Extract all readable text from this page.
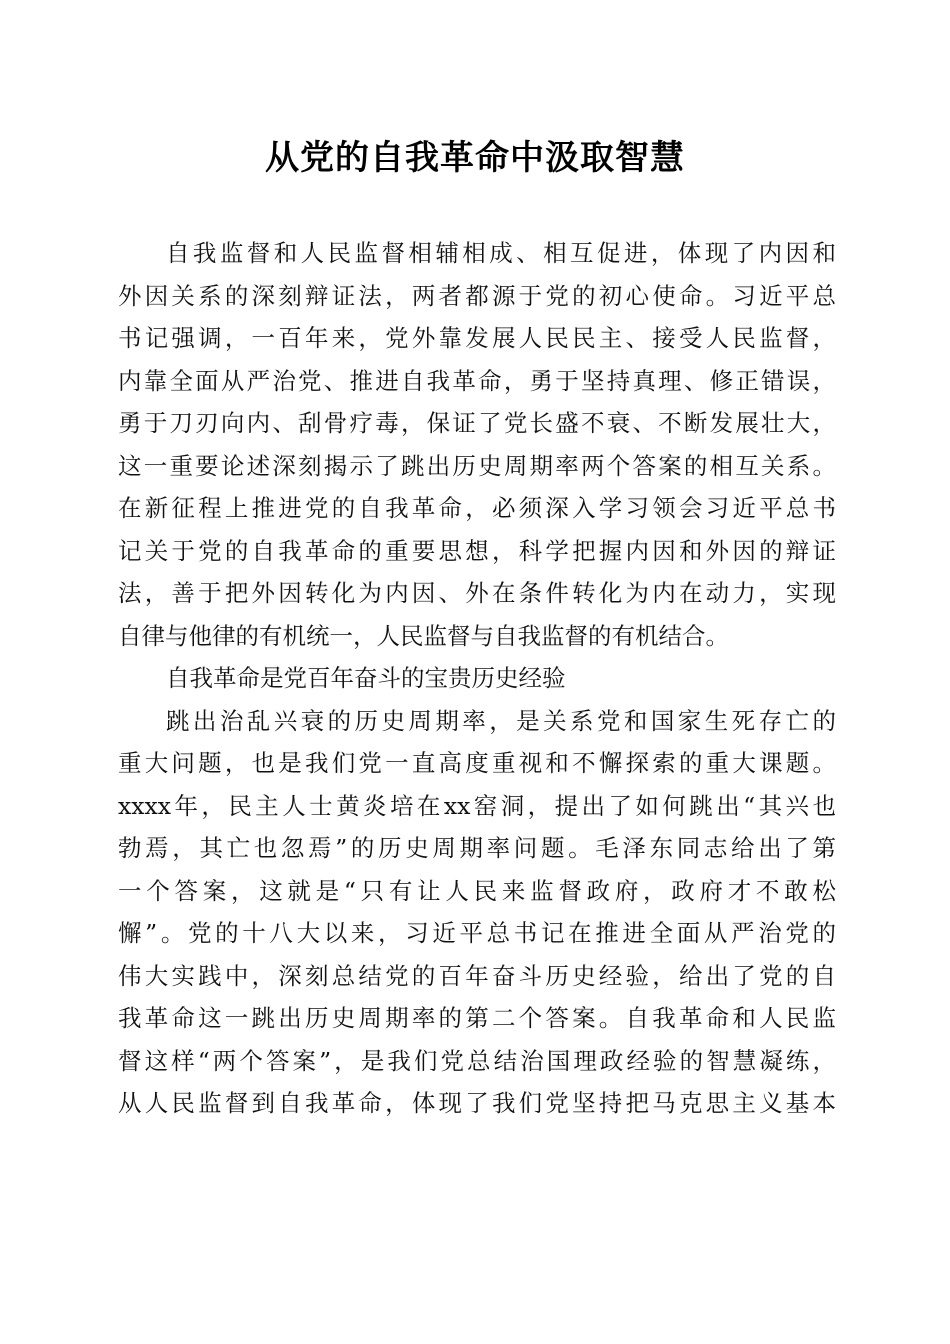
从党的自我革命中汲取智慧
自我监督和人民监督相辅相成、相互促进，体现了内因和
外因关系的深刻辩证法，两者都源于党的初心使命。习近平总
书记强调，一百年来，党外靠发展人民民主、接受人民监督，
内靠全面从严治党、推进自我革命，勇于坚持真理、修正错误，
勇于刀刃向内、刮骨疗毒，保证了党长盛不衰、不断发展壮大，
这一重要论述深刻揭示了跳出历史周期率两个答案的相互关系。
在新征程上推进党的自我革命，必须深入学习领会习近平总书
记关于党的自我革命的重要思想，科学把握内因和外因的辩证
法，善于把外因转化为内因、外在条件转化为内在动力，实现
自律与他律的有机统一，人民监督与自我监督的有机结合。
自我革命是党百年奋斗的宝贵历史经验
跳出治乱兴衰的历史周期率，是关系党和国家生死存亡的
重大问题，也是我们党一直高度重视和不懈探索的重大课题。
xxxx年，民主人士黄炎培在xx窑洞，提出了如何跳出“其兴也
勃焉，其亡也忽焉”的历史周期率问题。毛泽东同志给出了第
一个答案，这就是“只有让人民来监督政府，政府才不敢松
懈”。党的十八大以来，习近平总书记在推进全面从严治党的
伟大实践中，深刻总结党的百年奋斗历史经验，给出了党的自
我革命这一跳出历史周期率的第二个答案。自我革命和人民监
督这样“两个答案”，是我们党总结治国理政经验的智慧凝练，
从人民监督到自我革命，体现了我们党坚持把马克思主义基本
